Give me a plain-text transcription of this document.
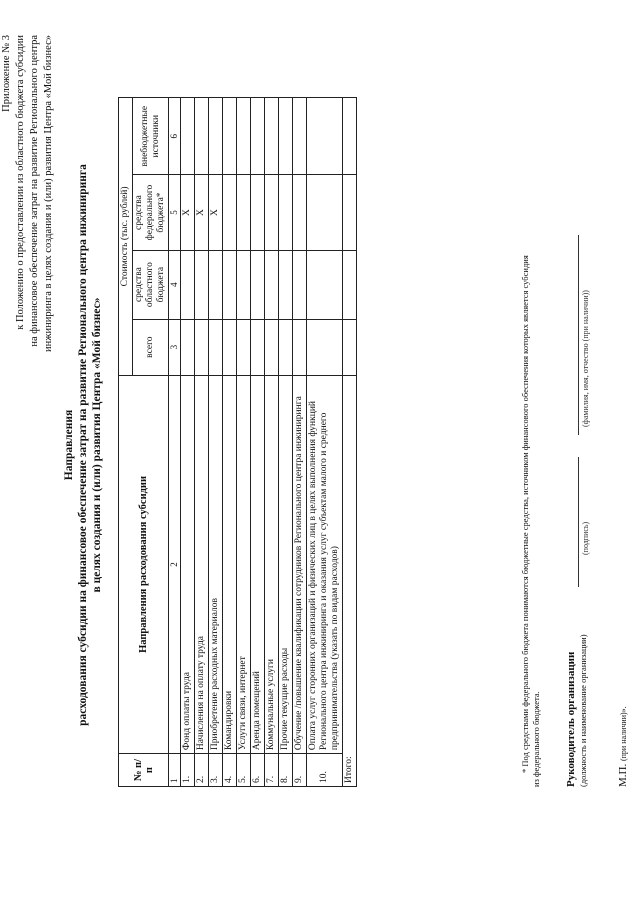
Приложение № 3 к Положению о предоставлении из областного бюджета субсидии на финансовое обеспечение затрат на развитие Регионального центра инжиниринга в целях создания и (или) развития Центра «Мой бизнес»
Направления расходования субсидии на финансовое обеспечение затрат на развитие Регионального центра инжиниринга в целях создания и (или) развития Центра «Мой бизнес»
№ п/п	Направления расходования субсидии	Стоимость (тыс. рублей)			
		всего	средства областного бюджета	средства федерального бюджета*	внебюджетные источники
1	2	3	4	5	6
1.	Фонд оплаты труда			Х	
2.	Начисления на оплату труда			Х	
3.	Приобретение расходных материалов			Х	
4.	Командировки				
5.	Услуги связи, интернет				
6.	Аренда помещений				
7.	Коммунальные услуги				
8.	Прочие текущие расходы				
9.	Обучение /повышение квалификации сотрудников Регионального центра инжиниринга				
10.	Оплата услуг сторонних организаций и физических лиц в целях выполнения функций Регионального центра инжиниринга и оказания услуг субъектам малого и среднего предпринимательства (указать по видам расходов)				
Итого:						* Под средствами федерального бюджета понимаются бюджетные средства, источником финансового обеспечения которых является субсидия из федерального бюджета. Руководитель организации (должность и наименование организации)
(подпись)
(фамилия, имя, отчество (при наличии))
М.П. (при наличии)».
